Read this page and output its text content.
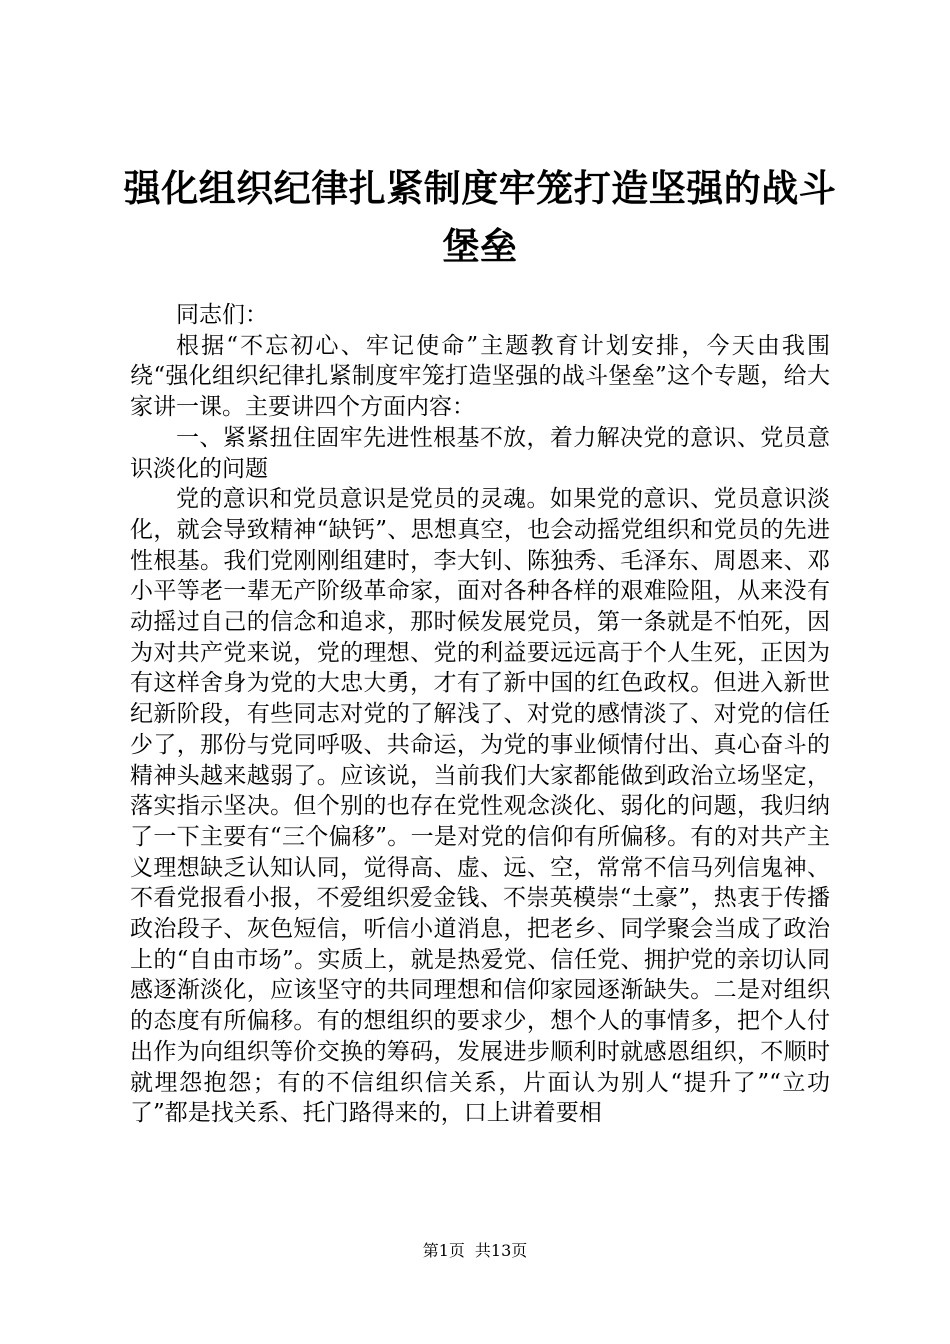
强化组织纪律扎紧制度牢笼打造坚强的战斗堡垒

同志们：

根据“不忘初心、牢记使命”主题教育计划安排，今天由我围绕“强化组织纪律扎紧制度牢笼打造坚强的战斗堡垒”这个专题，给大家讲一课。主要讲四个方面内容：

一、紧紧扭住固牢先进性根基不放，着力解决党的意识、党员意识淡化的问题

党的意识和党员意识是党员的灵魂。如果党的意识、党员意识淡化，就会导致精神“缺钙”、思想真空，也会动摇党组织和党员的先进性根基。我们党刚刚组建时，李大钊、陈独秀、毛泽东、周恩来、邓小平等老一辈无产阶级革命家，面对各种各样的艰难险阻，从来没有动摇过自己的信念和追求，那时候发展党员，第一条就是不怕死，因为对共产党来说，党的理想、党的利益要远远高于个人生死，正因为有这样舍身为党的大忠大勇，才有了新中国的红色政权。但进入新世纪新阶段，有些同志对党的了解浅了、对党的感情淡了、对党的信任少了，那份与党同呼吸、共命运，为党的事业倾情付出、真心奋斗的精神头越来越弱了。应该说，当前我们大家都能做到政治立场坚定，落实指示坚决。但个别的也存在党性观念淡化、弱化的问题，我归纳了一下主要有“三个偏移”。一是对党的信仰有所偏移。有的对共产主义理想缺乏认知认同，觉得高、虚、远、空，常常不信马列信鬼神、不看党报看小报，不爱组织爱金钱、不崇英模崇“土豪”，热衷于传播政治段子、灰色短信，听信小道消息，把老乡、同学聚会当成了政治上的“自由市场”。实质上，就是热爱党、信任党、拥护党的亲切认同感逐渐淡化，应该坚守的共同理想和信仰家园逐渐缺失。二是对组织的态度有所偏移。有的想组织的要求少，想个人的事情多，把个人付出作为向组织等价交换的筹码，发展进步顺利时就感恩组织，不顺时就埋怨抱怨；有的不信组织信关系，片面认为别人“提升了”“立功了”都是找关系、托门路得来的，口上讲着要相

第1页 共13页
